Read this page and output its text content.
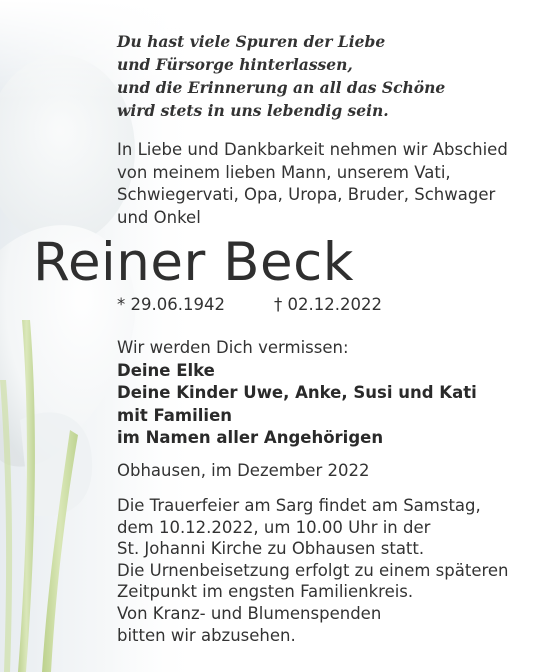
Du hast viele Spuren der Liebe
und Fürsorge hinterlassen,
und die Erinnerung an all das Schöne
wird stets in uns lebendig sein.
In Liebe und Dankbarkeit nehmen wir Abschied
von meinem lieben Mann, unserem Vati,
Schwiegervati, Opa, Uropa, Bruder, Schwager
und Onkel
Reiner Beck
* 29.06.1942	† 02.12.2022
Wir werden Dich vermissen:
Deine Elke
Deine Kinder Uwe, Anke, Susi und Kati
mit Familien
im Namen aller Angehörigen
Obhausen, im Dezember 2022
Die Trauerfeier am Sarg findet am Samstag,
dem 10.12.2022, um 10.00 Uhr in der
St. Johanni Kirche zu Obhausen statt.
Die Urnenbeisetzung erfolgt zu einem späteren
Zeitpunkt im engsten Familienkreis.
Von Kranz- und Blumenspenden
bitten wir abzusehen.
